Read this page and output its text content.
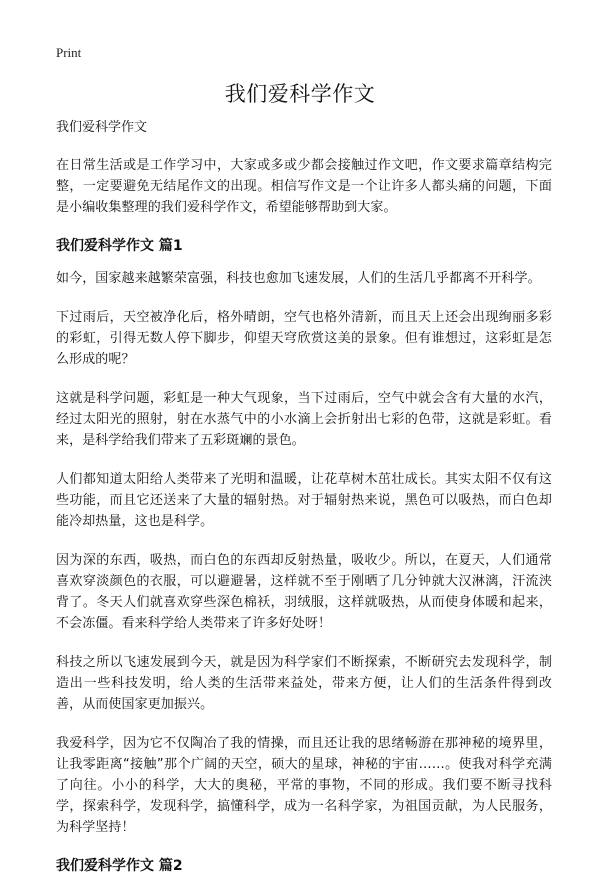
Print
我们爱科学作文
我们爱科学作文

在日常生活或是工作学习中，大家或多或少都会接触过作文吧，作文要求篇章结构完整，一定要避免无结尾作文的出现。相信写作文是一个让许多人都头痛的问题，下面是小编收集整理的我们爱科学作文，希望能够帮助到大家。

我们爱科学作文 篇1

如今，国家越来越繁荣富强，科技也愈加飞速发展，人们的生活几乎都离不开科学。

下过雨后，天空被净化后，格外晴朗，空气也格外清新，而且天上还会出现绚丽多彩的彩虹，引得无数人停下脚步，仰望天穹欣赏这美的景象。但有谁想过，这彩虹是怎么形成的呢？

这就是科学问题，彩虹是一种大气现象，当下过雨后，空气中就会含有大量的水汽，经过太阳光的照射，射在水蒸气中的小水滴上会折射出七彩的色带，这就是彩虹。看来，是科学给我们带来了五彩斑斓的景色。

人们都知道太阳给人类带来了光明和温暖，让花草树木茁壮成长。其实太阳不仅有这些功能，而且它还送来了大量的辐射热。对于辐射热来说，黑色可以吸热，而白色却能冷却热量，这也是科学。

因为深的东西，吸热，而白色的东西却反射热量，吸收少。所以，在夏天，人们通常喜欢穿淡颜色的衣服，可以避避暑，这样就不至于刚晒了几分钟就大汉淋漓，汗流浃背了。冬天人们就喜欢穿些深色棉袄，羽绒服，这样就吸热，从而使身体暖和起来，不会冻僵。看来科学给人类带来了许多好处呀！

科技之所以飞速发展到今天，就是因为科学家们不断探索，不断研究去发现科学，制造出一些科技发明，给人类的生活带来益处，带来方便，让人们的生活条件得到改善，从而使国家更加振兴。

我爱科学，因为它不仅陶冶了我的情操，而且还让我的思绪畅游在那神秘的境界里，让我零距离“接触”那个广阔的天空，硕大的星球，神秘的宇宙……。使我对科学充满了向往。小小的科学，大大的奥秘，平常的事物，不同的形成。我们要不断寻找科学，探索科学，发现科学，搞懂科学，成为一名科学家，为祖国贡献，为人民服务，为科学坚持！

我们爱科学作文 篇2
